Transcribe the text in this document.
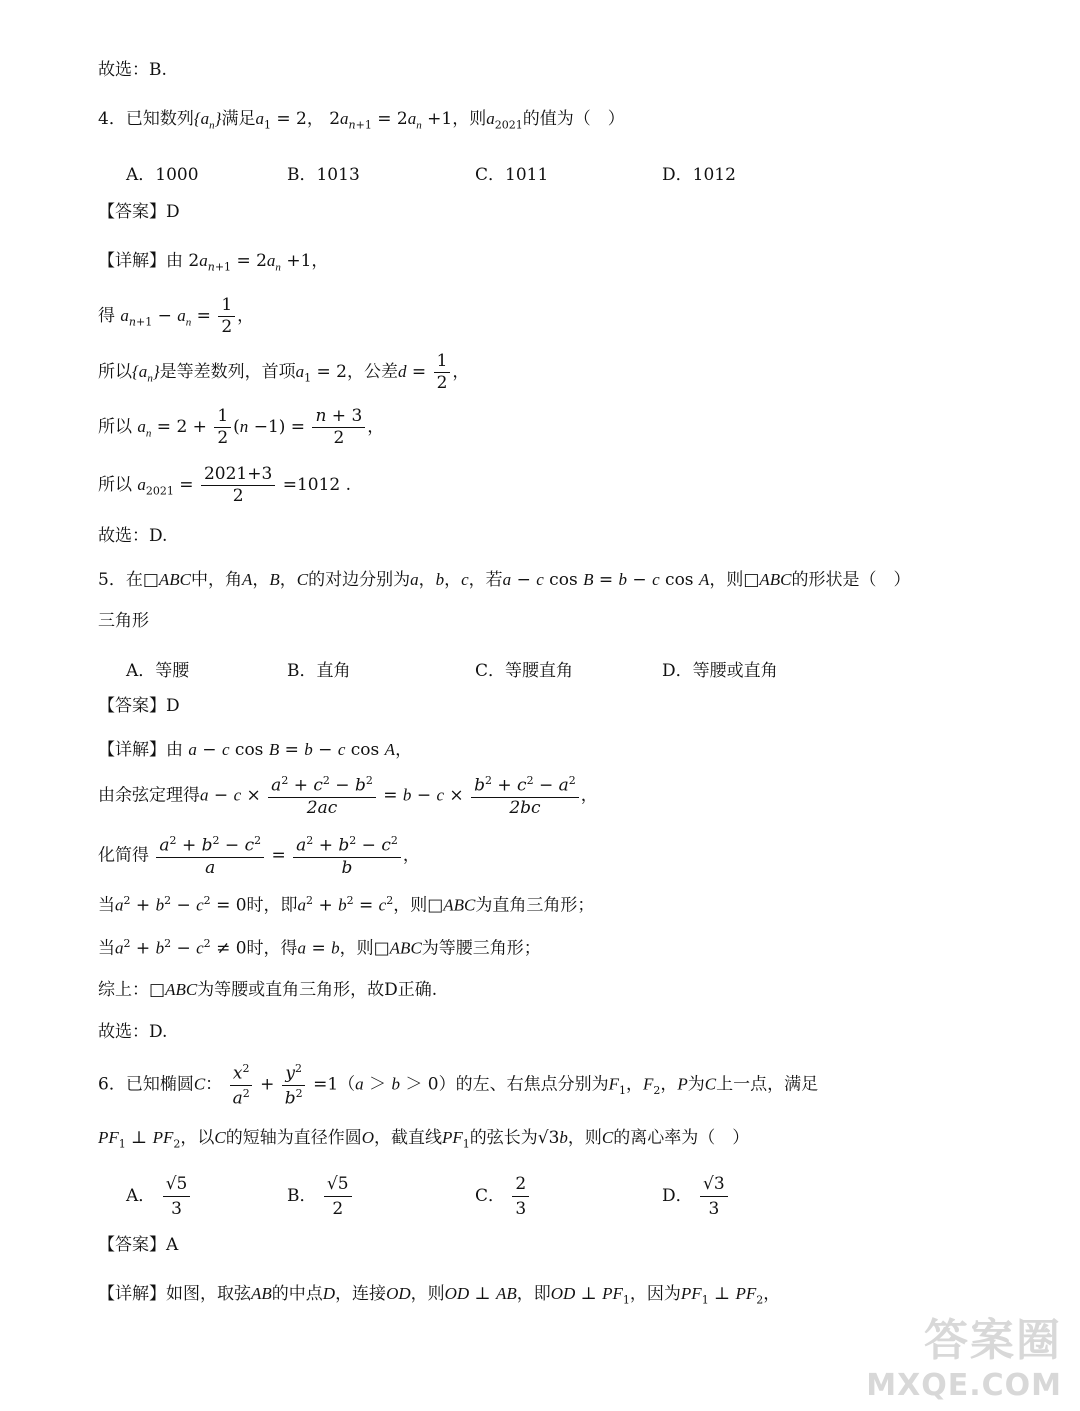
故选：B.
4．已知数列$\{a_n\}$满足$a_1 = 2$， $2a_{n+1} = 2a_n +1$，则$a_{2021}$的值为（　）
A．1000	B．1013	C．1011	D．1012
【答案】D
【详解】由 $2a_{n+1} = 2a_n +1$，
得 $a_{n+1} - a_n = \frac{1}{2}$ ，
所以$\{a_n\}$是等差数列，首项$a_1 = 2$，公差$d = \frac{1}{2}$ ，
所以 $a_n = 2 + \frac{1}{2} (n -1) = \frac{n + 3}{2}$ ，
所以 $a_{2021} = \frac{2021+3}{2} =1012$ .
故选：D.
5．在□ABC中，角A，B，C的对边分别为a，b，c，若a − c cos B = b − c cos A，则□ABC的形状是（　）
三角形
A．等腰	B．直角	C．等腰直角	D．等腰或直角
【答案】D
【详解】由 a − c cos B = b − c cos A，
由余弦定理得$a - c \times \frac{a^2 + c^2 - b^2}{2ac} = b - c \times \frac{b^2 + c^2 - a^2}{2bc}$ ，
化简得 $\frac{a^2 + b^2 - c^2}{a} = \frac{a^2 + b^2 - c^2}{b}$ ，
当$a^2 + b^2 - c^2 = 0$时，即$a^2 + b^2 = c^2$，则□ABC为直角三角形；
当$a^2 + b^2 - c^2 \ne 0$时，得a = b，则□ABC为等腰三角形；
综上：□ABC为等腰或直角三角形，故D正确.
故选：D.
6．已知椭圆C： $\frac{x^2}{a^2} + \frac{y^2}{b^2} =1(a > b > 0)$的左、右焦点分别为$F_1$，$F_2$，P为C上一点，满足
$PF_1$ ⊥ $PF_2$，以C的短轴为直径作圆O，截直线$PF_1$的弦长为√3b，则C的离心率为（　）
A． $\frac{√5}{3}$	B． $\frac{√5}{2}$	C． $\frac{2}{3}$	D． $\frac{√3}{3}$
【答案】A
【详解】如图，取弦AB的中点D，连接OD，则OD ⊥ AB，即OD ⊥ $PF_1$，因为$PF_1$ ⊥ $PF_2$，
答案圈
MXQE.COM
